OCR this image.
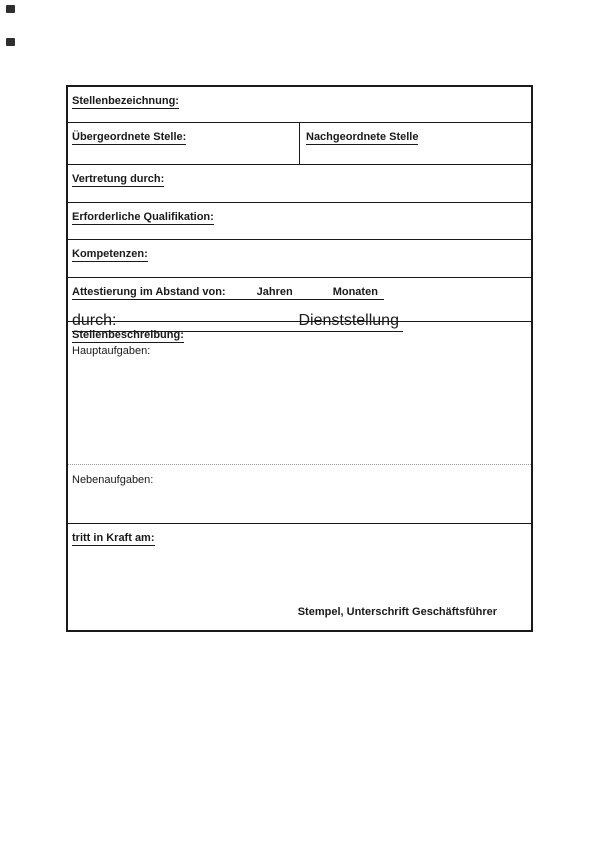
Stellenbezeichnung:
Übergeordnete Stelle:	Nachgeordnete Stelle
Vertretung durch:
Erforderliche Qualifikation:
Kompetenzen:
Attestierung im Abstand von:	Jahren	Monaten
durch:	Dienststellung
Stellenbeschreibung:
Hauptaufgaben:
Nebenaufgaben:
tritt in Kraft am:
Stempel, Unterschrift Geschäftsführer
